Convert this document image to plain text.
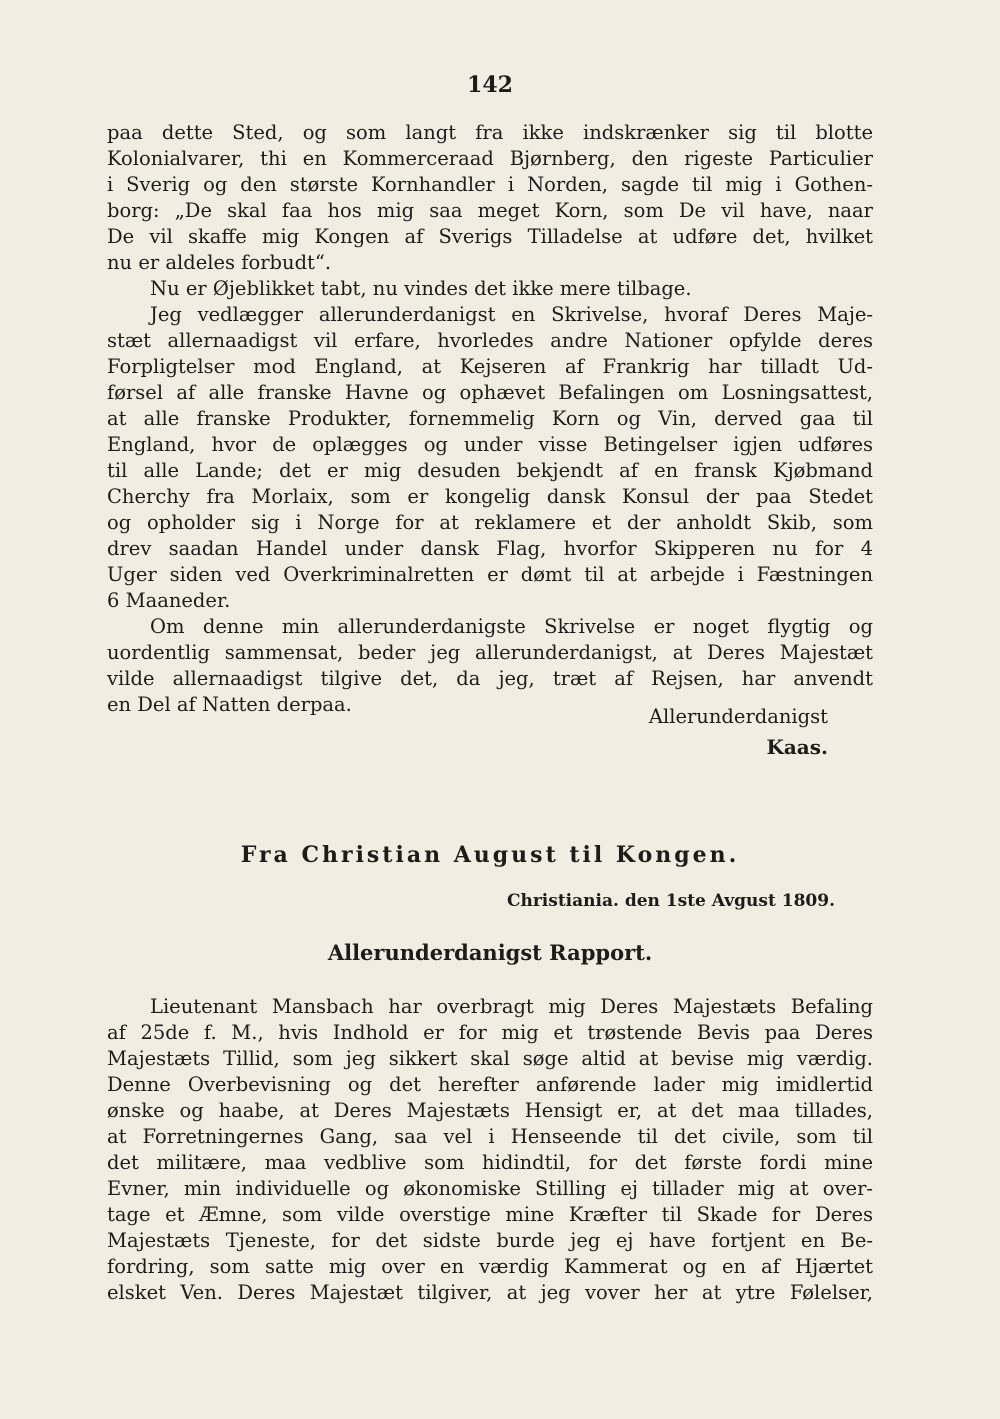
142
paa dette Sted, og som langt fra ikke indskrænker sig til blotte
Kolonialvarer, thi en Kommerceraad Bjørnberg, den rigeste Particulier
i Sverig og den største Kornhandler i Norden, sagde til mig i Gothen-
borg: „De skal faa hos mig saa meget Korn, som De vil have, naar
De vil skaffe mig Kongen af Sverigs Tilladelse at udføre det, hvilket
nu er aldeles forbudt“.
Nu er Øjeblikket tabt, nu vindes det ikke mere tilbage.
Jeg vedlægger allerunderdanigst en Skrivelse, hvoraf Deres Maje-
stæt allernaadigst vil erfare, hvorledes andre Nationer opfylde deres
Forpligtelser mod England, at Kejseren af Frankrig har tilladt Ud-
førsel af alle franske Havne og ophævet Befalingen om Losningsattest,
at alle franske Produkter, fornemmelig Korn og Vin, derved gaa til
England, hvor de oplægges og under visse Betingelser igjen udføres
til alle Lande; det er mig desuden bekjendt af en fransk Kjøbmand
Cherchy fra Morlaix, som er kongelig dansk Konsul der paa Stedet
og opholder sig i Norge for at reklamere et der anholdt Skib, som
drev saadan Handel under dansk Flag, hvorfor Skipperen nu for 4
Uger siden ved Overkriminalretten er dømt til at arbejde i Fæstningen
6 Maaneder.
Om denne min allerunderdanigste Skrivelse er noget flygtig og
uordentlig sammensat, beder jeg allerunderdanigst, at Deres Majestæt
vilde allernaadigst tilgive det, da jeg, træt af Rejsen, har anvendt
en Del af Natten derpaa.
Allerunderdanigst
Kaas.
Fra Christian August til Kongen.
Christiania. den 1ste Avgust 1809.
Allerunderdanigst Rapport.
Lieutenant Mansbach har overbragt mig Deres Majestæts Befaling
af 25de f. M., hvis Indhold er for mig et trøstende Bevis paa Deres
Majestæts Tillid, som jeg sikkert skal søge altid at bevise mig værdig.
Denne Overbevisning og det herefter anførende lader mig imidlertid
ønske og haabe, at Deres Majestæts Hensigt er, at det maa tillades,
at Forretningernes Gang, saa vel i Henseende til det civile, som til
det militære, maa vedblive som hidindtil, for det første fordi mine
Evner, min individuelle og økonomiske Stilling ej tillader mig at over-
tage et Æmne, som vilde overstige mine Kræfter til Skade for Deres
Majestæts Tjeneste, for det sidste burde jeg ej have fortjent en Be-
fordring, som satte mig over en værdig Kammerat og en af Hjærtet
elsket Ven. Deres Majestæt tilgiver, at jeg vover her at ytre Følelser,
